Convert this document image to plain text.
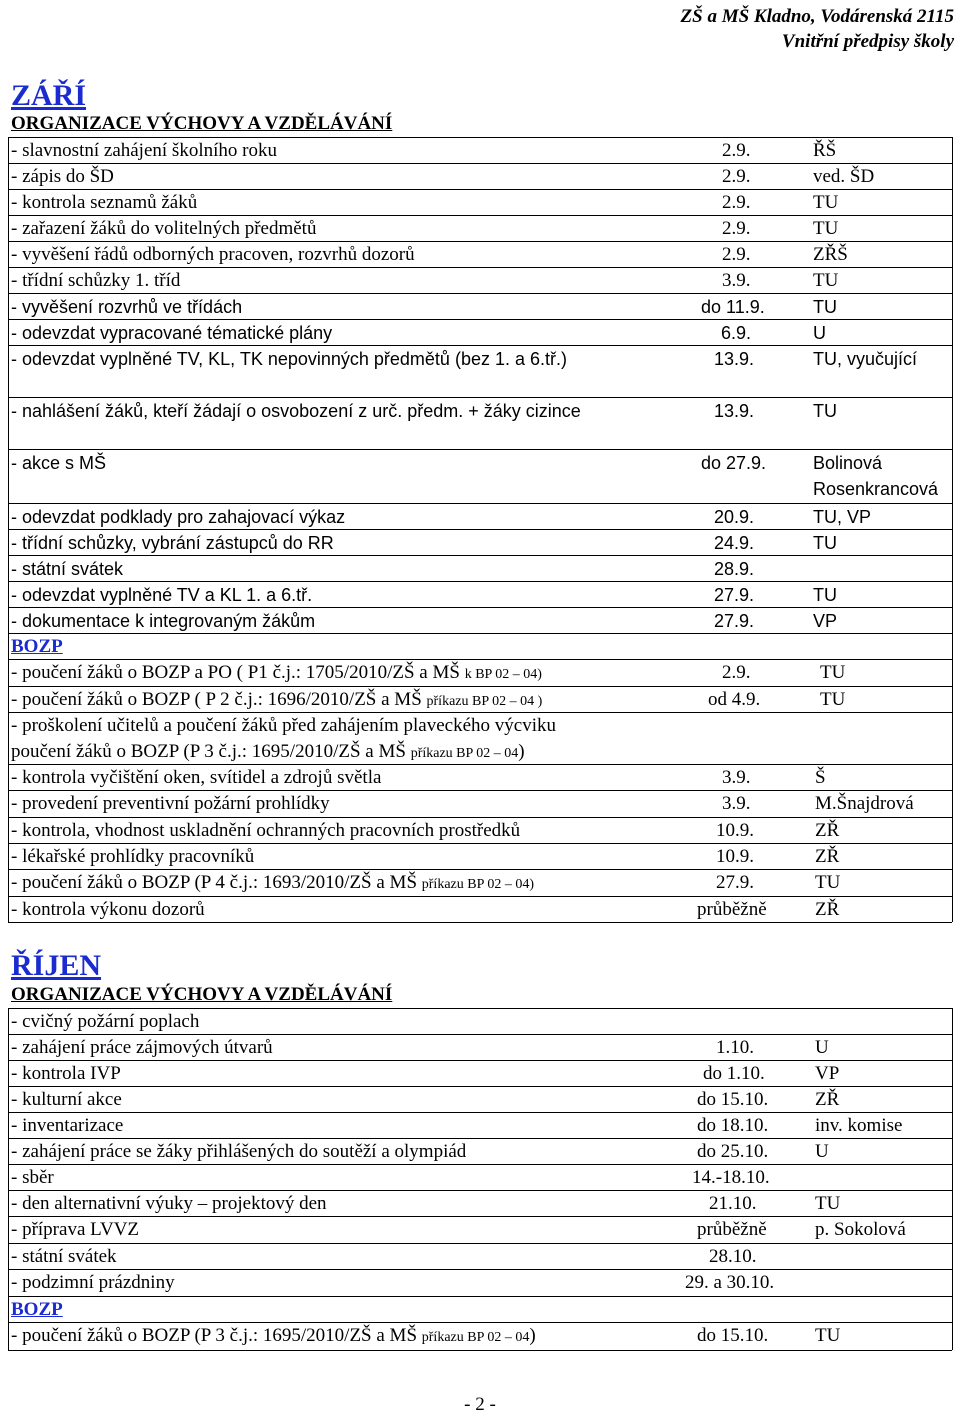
ZŠ a MŠ Kladno, Vodárenská 2115
Vnitřní předpisy školy
ZÁŘÍ
ORGANIZACE VÝCHOVY A VZDĚLÁVÁNÍ
- slavnostní zahájení školního roku	2.9.	ŘŠ
- zápis do ŠD	2.9.	ved. ŠD
- kontrola seznamů žáků	2.9.	TU
- zařazení žáků do volitelných předmětů	2.9.	TU
- vyvěšení řádů odborných pracoven, rozvrhů dozorů	2.9.	ZŘŠ
- třídní schůzky 1. tříd	3.9.	TU
- vyvěšení rozvrhů ve třídách	do 11.9.	TU
- odevzdat vypracované tématické plány	6.9.	U
- odevzdat vyplněné TV, KL, TK nepovinných předmětů (bez 1. a 6.tř.)	13.9.	TU, vyučující
- nahlášení žáků, kteří žádají o osvobození z urč. předm. + žáky cizince	13.9.	TU
- akce s MŠ	do 27.9.	Bolinová
Rosenkrancová
- odevzdat podklady pro zahajovací výkaz	20.9.	TU, VP
- třídní schůzky, vybrání zástupců do RR	24.9.	TU
- státní svátek	28.9.
- odevzdat vyplněné TV a KL 1. a 6.tř.	27.9.	TU
- dokumentace k integrovaným žákům	27.9.	VP
BOZP
- poučení žáků o BOZP a PO ( P1 č.j.: 1705/2010/ZŠ a MŠ k BP 02 – 04)	2.9.	TU
- poučení žáků o BOZP ( P 2 č.j.: 1696/2010/ZŠ a MŠ příkazu BP 02 – 04 )	od 4.9.	TU
- proškolení učitelů a poučení žáků před zahájením plaveckého výcviku
poučení žáků o BOZP (P 3 č.j.: 1695/2010/ZŠ a MŠ příkazu BP 02 – 04)
- kontrola vyčištění oken, svítidel a zdrojů světla	3.9.	Š
- provedení preventivní požární prohlídky	3.9.	M.Šnajdrová
- kontrola, vhodnost uskladnění ochranných pracovních prostředků	10.9.	ZŘ
- lékařské prohlídky pracovníků	10.9.	ZŘ
- poučení žáků o BOZP (P 4 č.j.: 1693/2010/ZŠ a MŠ příkazu BP 02 – 04)	27.9.	TU
- kontrola výkonu dozorů	průběžně	ZŘ
ŘÍJEN
ORGANIZACE VÝCHOVY A VZDĚLÁVÁNÍ
- cvičný požární poplach
- zahájení práce zájmových útvarů	1.10.	U
- kontrola IVP	do 1.10.	VP
- kulturní akce	do 15.10. ZŘ
- inventarizace	do 18.10. inv. komise
- zahájení práce se žáky přihlášených do soutěží a olympiád	do 25.10. U
- sběr	14.-18.10.
- den alternativní výuky – projektový den	21.10.	TU
- příprava LVVZ	průběžně	p. Sokolová
- státní svátek	28.10.
- podzimní prázdniny	29. a 30.10.
BOZP
- poučení žáků o BOZP (P 3 č.j.: 1695/2010/ZŠ a MŠ příkazu BP 02 – 04)	do 15.10. TU
- 2 -
